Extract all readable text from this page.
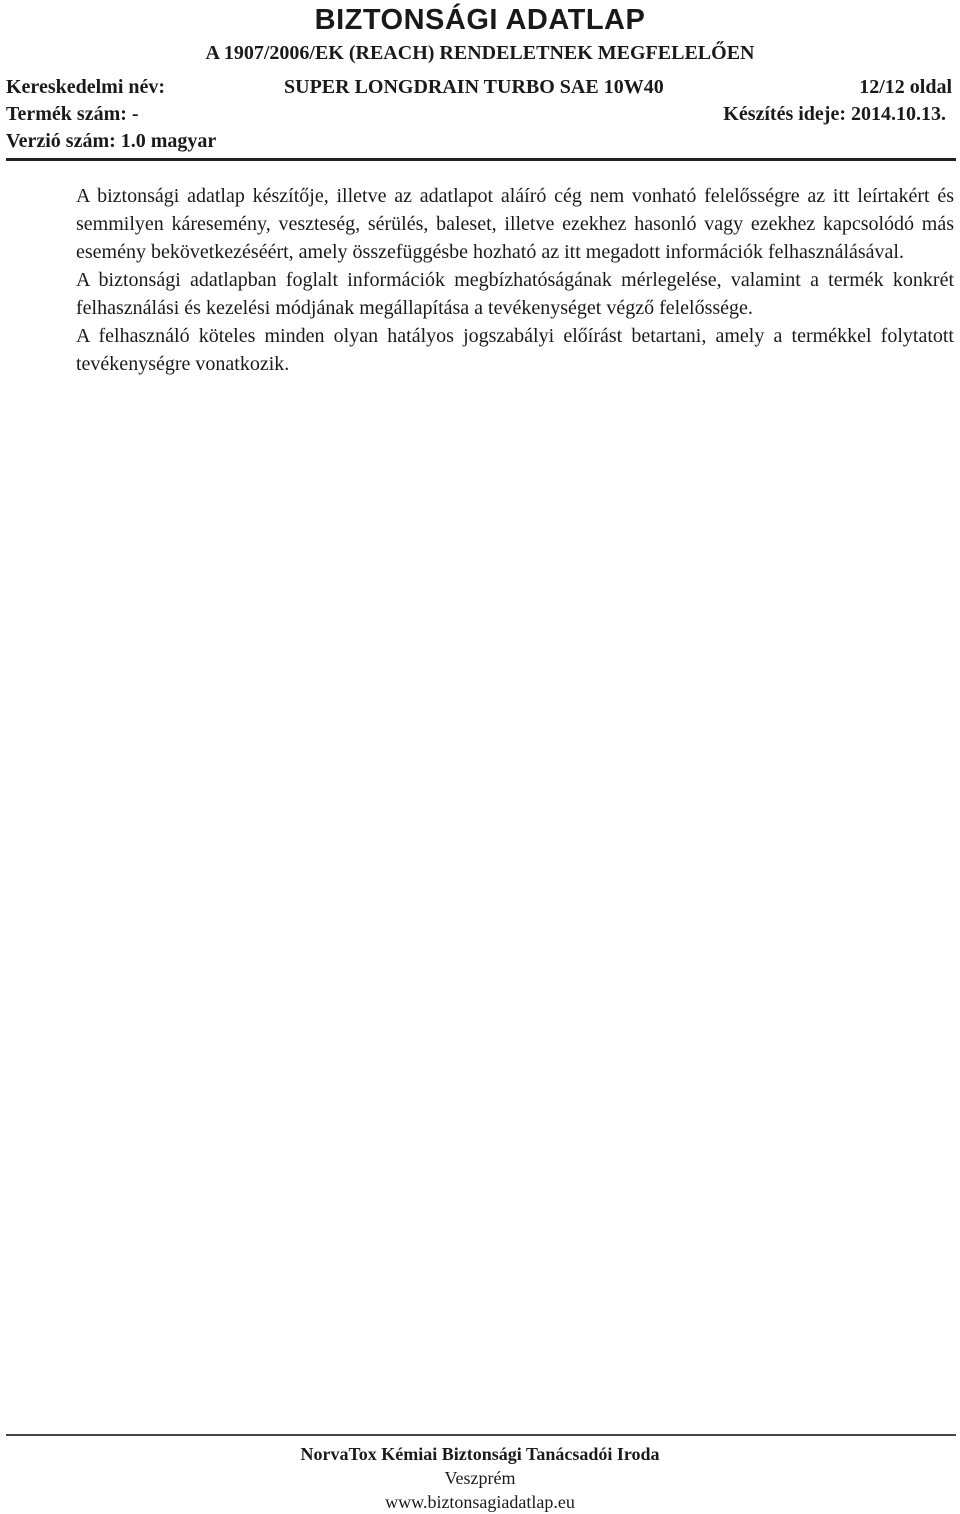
BIZTONSÁGI ADATLAP
A 1907/2006/EK (REACH) RENDELETNEK MEGFELELŐEN
Kereskedelmi név:	SUPER LONGDRAIN TURBO SAE 10W40	12/12 oldal
Termék szám: -	Készítés ideje: 2014.10.13.
Verzió szám: 1.0 magyar

A biztonsági adatlap készítője, illetve az adatlapot aláíró cég nem vonható felelősségre az itt leírtakért és semmilyen káresemény, veszteség, sérülés, baleset, illetve ezekhez hasonló vagy ezekhez kapcsolódó más esemény bekövetkezéséért, amely összefüggésbe hozható az itt megadott információk felhasználásával.

A biztonsági adatlapban foglalt információk megbízhatóságának mérlegelése, valamint a termék konkrét felhasználási és kezelési módjának megállapítása a tevékenységet végző felelőssége.

A felhasználó köteles minden olyan hatályos jogszabályi előírást betartani, amely a termékkel folytatott tevékenységre vonatkozik.

NorvaTox Kémiai Biztonsági Tanácsadói Iroda
Veszprém
www.biztonsagiadatlap.eu
